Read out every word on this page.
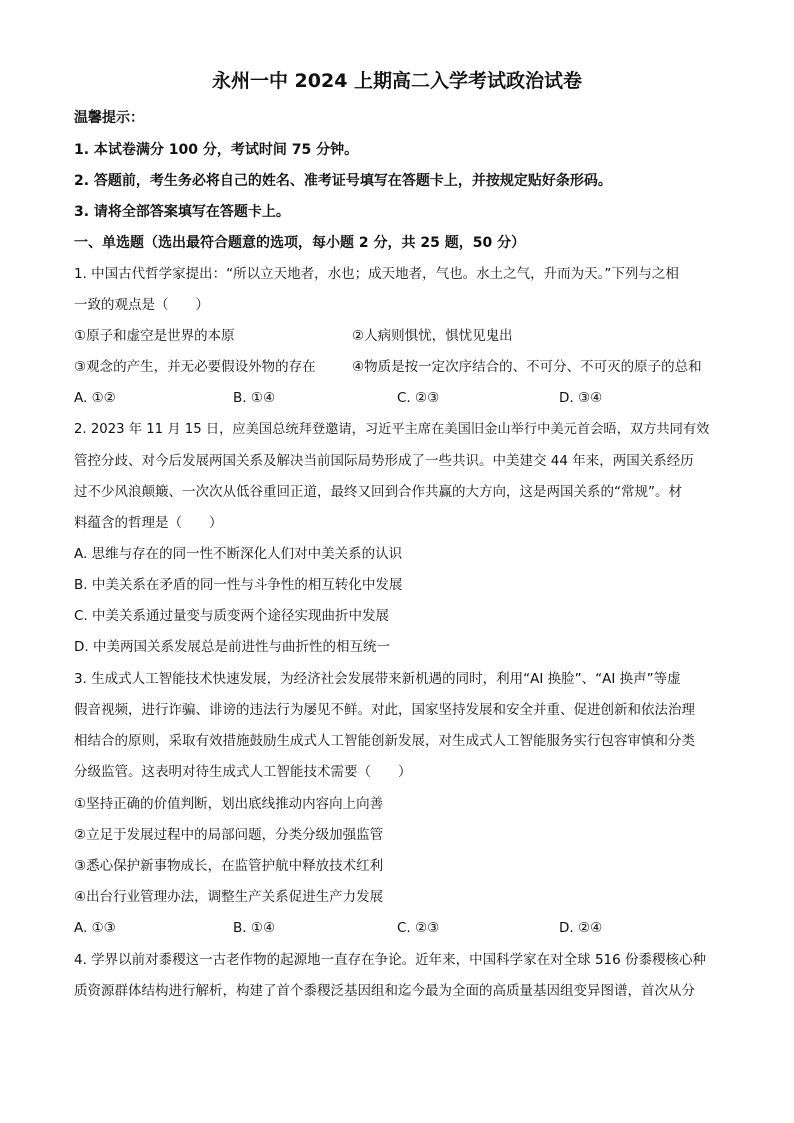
永州一中 2024 上期高二入学考试政治试卷
温馨提示：
1. 本试卷满分 100 分，考试时间 75 分钟。
2. 答题前，考生务必将自己的姓名、准考证号填写在答题卡上，并按规定贴好条形码。
3. 请将全部答案填写在答题卡上。
一、单选题（选出最符合题意的选项，每小题 2 分，共 25 题，50 分）
1. 中国古代哲学家提出：“所以立天地者，水也；成天地者，气也。水土之气，升而为天。”下列与之相
一致的观点是（　　）
①原子和虚空是世界的本原	②人病则惧忧，惧忧见鬼出
③观念的产生，并无必要假设外物的存在	④物质是按一定次序结合的、不可分、不可灭的原子的总和
A. ①②	B. ①④	C. ②③	D. ③④
2. 2023 年 11 月 15 日，应美国总统拜登邀请，习近平主席在美国旧金山举行中美元首会晤，双方共同有效
管控分歧、对今后发展两国关系及解决当前国际局势形成了一些共识。中美建交 44 年来，两国关系经历
过不少风浪颠簸、一次次从低谷重回正道，最终又回到合作共赢的大方向，这是两国关系的“常规”。材
料蕴含的哲理是（　　）
A. 思维与存在的同一性不断深化人们对中美关系的认识
B. 中美关系在矛盾的同一性与斗争性的相互转化中发展
C. 中美关系通过量变与质变两个途径实现曲折中发展
D. 中美两国关系发展总是前进性与曲折性的相互统一
3. 生成式人工智能技术快速发展，为经济社会发展带来新机遇的同时，利用“AI 换脸”、“AI 换声”等虚
假音视频，进行诈骗、诽谤的违法行为屡见不鲜。对此，国家坚持发展和安全并重、促进创新和依法治理
相结合的原则，采取有效措施鼓励生成式人工智能创新发展，对生成式人工智能服务实行包容审慎和分类
分级监管。这表明对待生成式人工智能技术需要（　　）
①坚持正确的价值判断，划出底线推动内容向上向善
②立足于发展过程中的局部问题，分类分级加强监管
③悉心保护新事物成长，在监管护航中释放技术红利
④出台行业管理办法，调整生产关系促进生产力发展
A. ①③	B. ①④	C. ②③	D. ②④
4. 学界以前对黍稷这一古老作物的起源地一直存在争论。近年来，中国科学家在对全球 516 份黍稷核心种
质资源群体结构进行解析，构建了首个黍稷泛基因组和迄今最为全面的高质量基因组变异图谱，首次从分
